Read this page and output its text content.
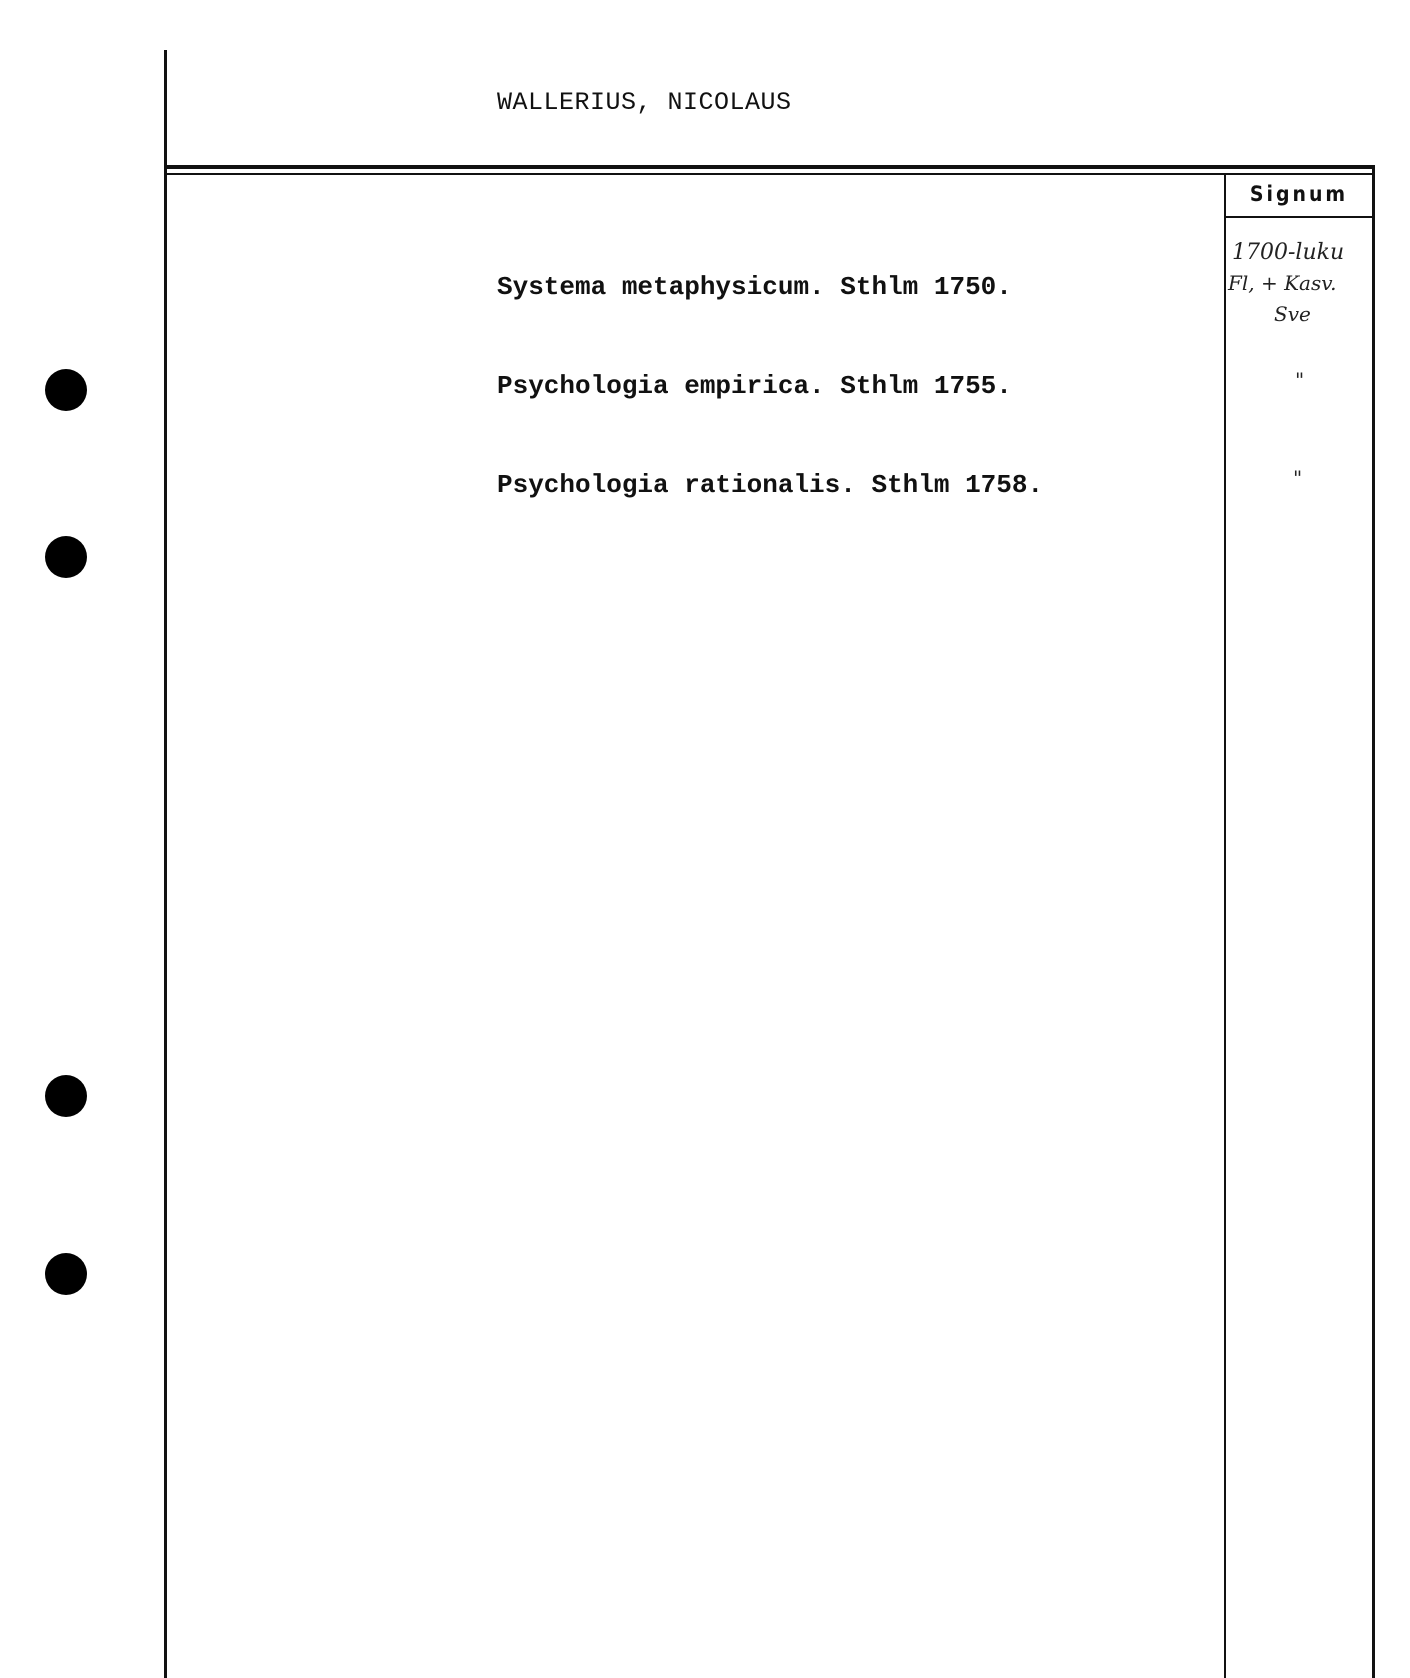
WALLERIUS, NICOLAUS
Signum
Systema metaphysicum. Sthlm 1750.
Psychologia empirica. Sthlm 1755.
Psychologia rationalis. Sthlm 1758.
1700-luku
Fl, + Kasv.
Sve
"
"
